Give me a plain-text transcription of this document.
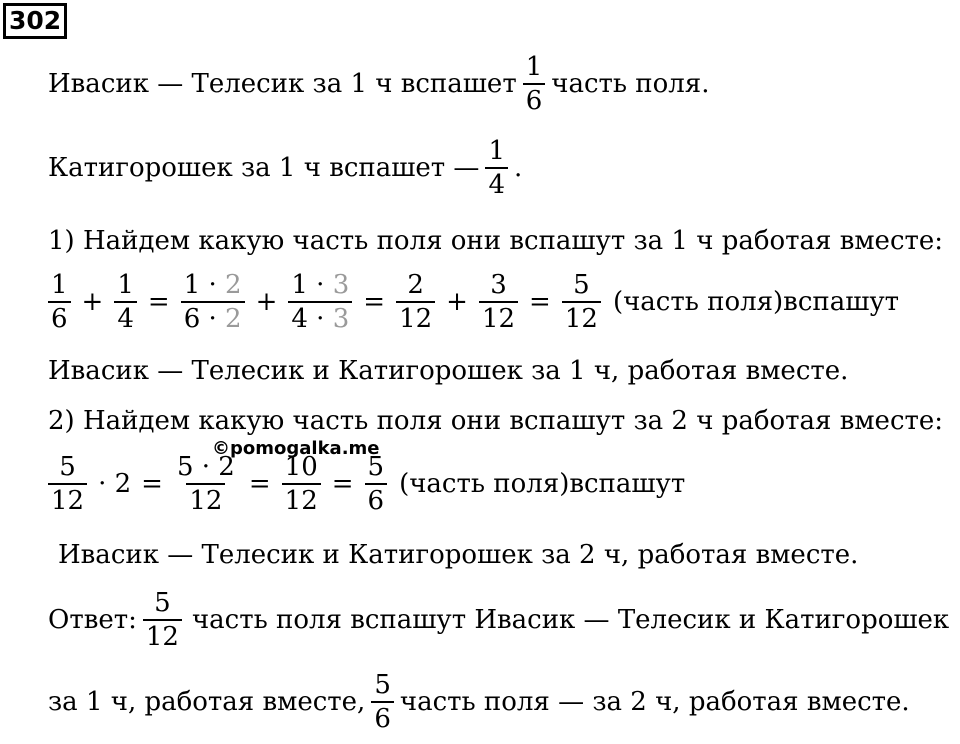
302
Ивасик — Телесик за 1 ч вспашет $\frac{1}{6}$ часть поля.
Катигорошек за 1 ч вспашет — $\frac{1}{4}$ .
1) Найдем какую часть поля они вспашут за 1 ч работая вместе:
$\frac{1}{6} + \frac{1}{4} = \frac{1 \cdot 2}{6 \cdot 2} + \frac{1 \cdot 3}{4 \cdot 3} = \frac{2}{12} + \frac{3}{12} = \frac{5}{12}$ (часть поля)вспашут
Ивасик — Телесик и Катигорошек за 1 ч, работая вместе.
2) Найдем какую часть поля они вспашут за 2 ч работая вместе:
©pomogalka.me
$\frac{5}{12} \cdot 2 = \frac{5 \cdot 2}{12} = \frac{10}{12} = \frac{5}{6}$ (часть поля)вспашут
Ивасик — Телесик и Катигорошек за 2 ч, работая вместе.
Ответ: $\frac{5}{12}$ часть поля вспашут Ивасик — Телесик и Катигорошек
за 1 ч, работая вместе, $\frac{5}{6}$ часть поля — за 2 ч, работая вместе.
